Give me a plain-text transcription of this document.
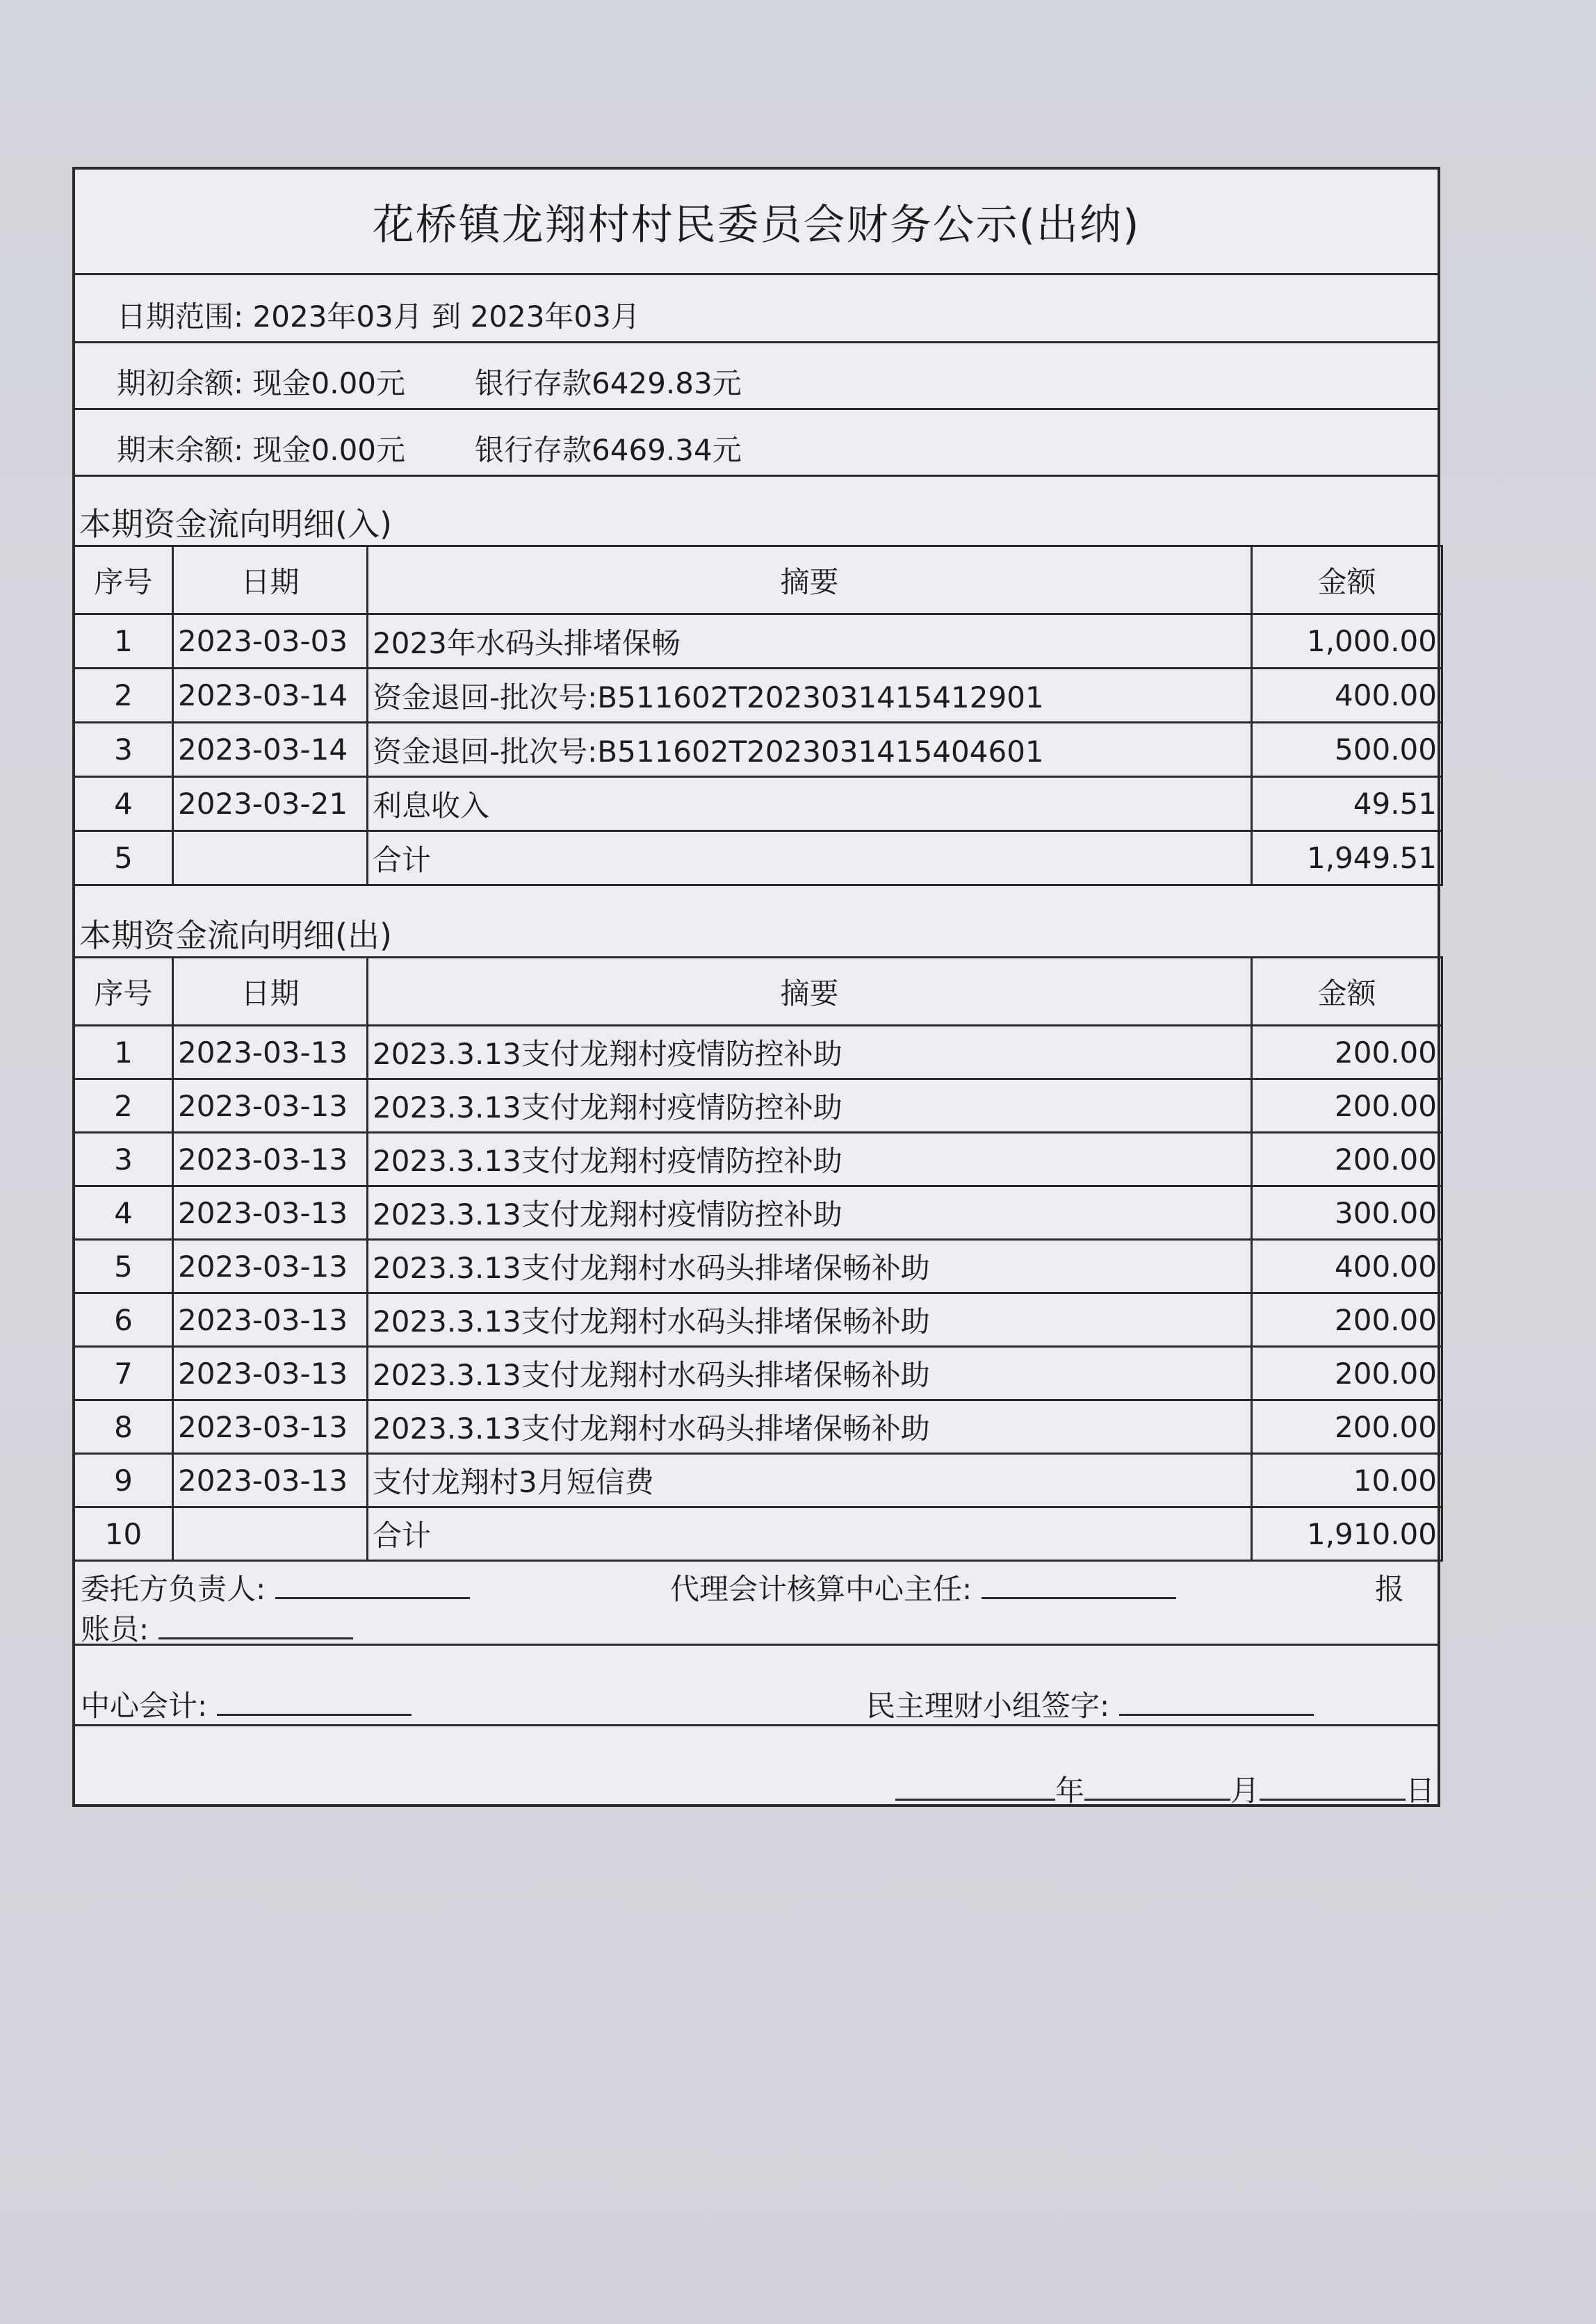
花桥镇龙翔村村民委员会财务公示(出纳)
日期范围: 2023年03月 到 2023年03月
期初余额: 现金0.00元 银行存款6429.83元
期末余额: 现金0.00元 银行存款6469.34元
本期资金流向明细(入)
序号	日期	摘要	金额
1	2023-03-03	2023年水码头排堵保畅	1,000.00
2	2023-03-14	资金退回-批次号:B511602T2023031415412901	400.00
3	2023-03-14	资金退回-批次号:B511602T2023031415404601	500.00
4	2023-03-21	利息收入	49.51
5		合计	1,949.51
本期资金流向明细(出)
序号	日期	摘要	金额
1	2023-03-13	2023.3.13支付龙翔村疫情防控补助	200.00
2	2023-03-13	2023.3.13支付龙翔村疫情防控补助	200.00
3	2023-03-13	2023.3.13支付龙翔村疫情防控补助	200.00
4	2023-03-13	2023.3.13支付龙翔村疫情防控补助	300.00
5	2023-03-13	2023.3.13支付龙翔村水码头排堵保畅补助	400.00
6	2023-03-13	2023.3.13支付龙翔村水码头排堵保畅补助	200.00
7	2023-03-13	2023.3.13支付龙翔村水码头排堵保畅补助	200.00
8	2023-03-13	2023.3.13支付龙翔村水码头排堵保畅补助	200.00
9	2023-03-13	支付龙翔村3月短信费	10.00
10		合计	1,910.00
委托方负责人:	代理会计核算中心主任:	报
账员:
中心会计:	民主理财小组签字:
年	月	日
